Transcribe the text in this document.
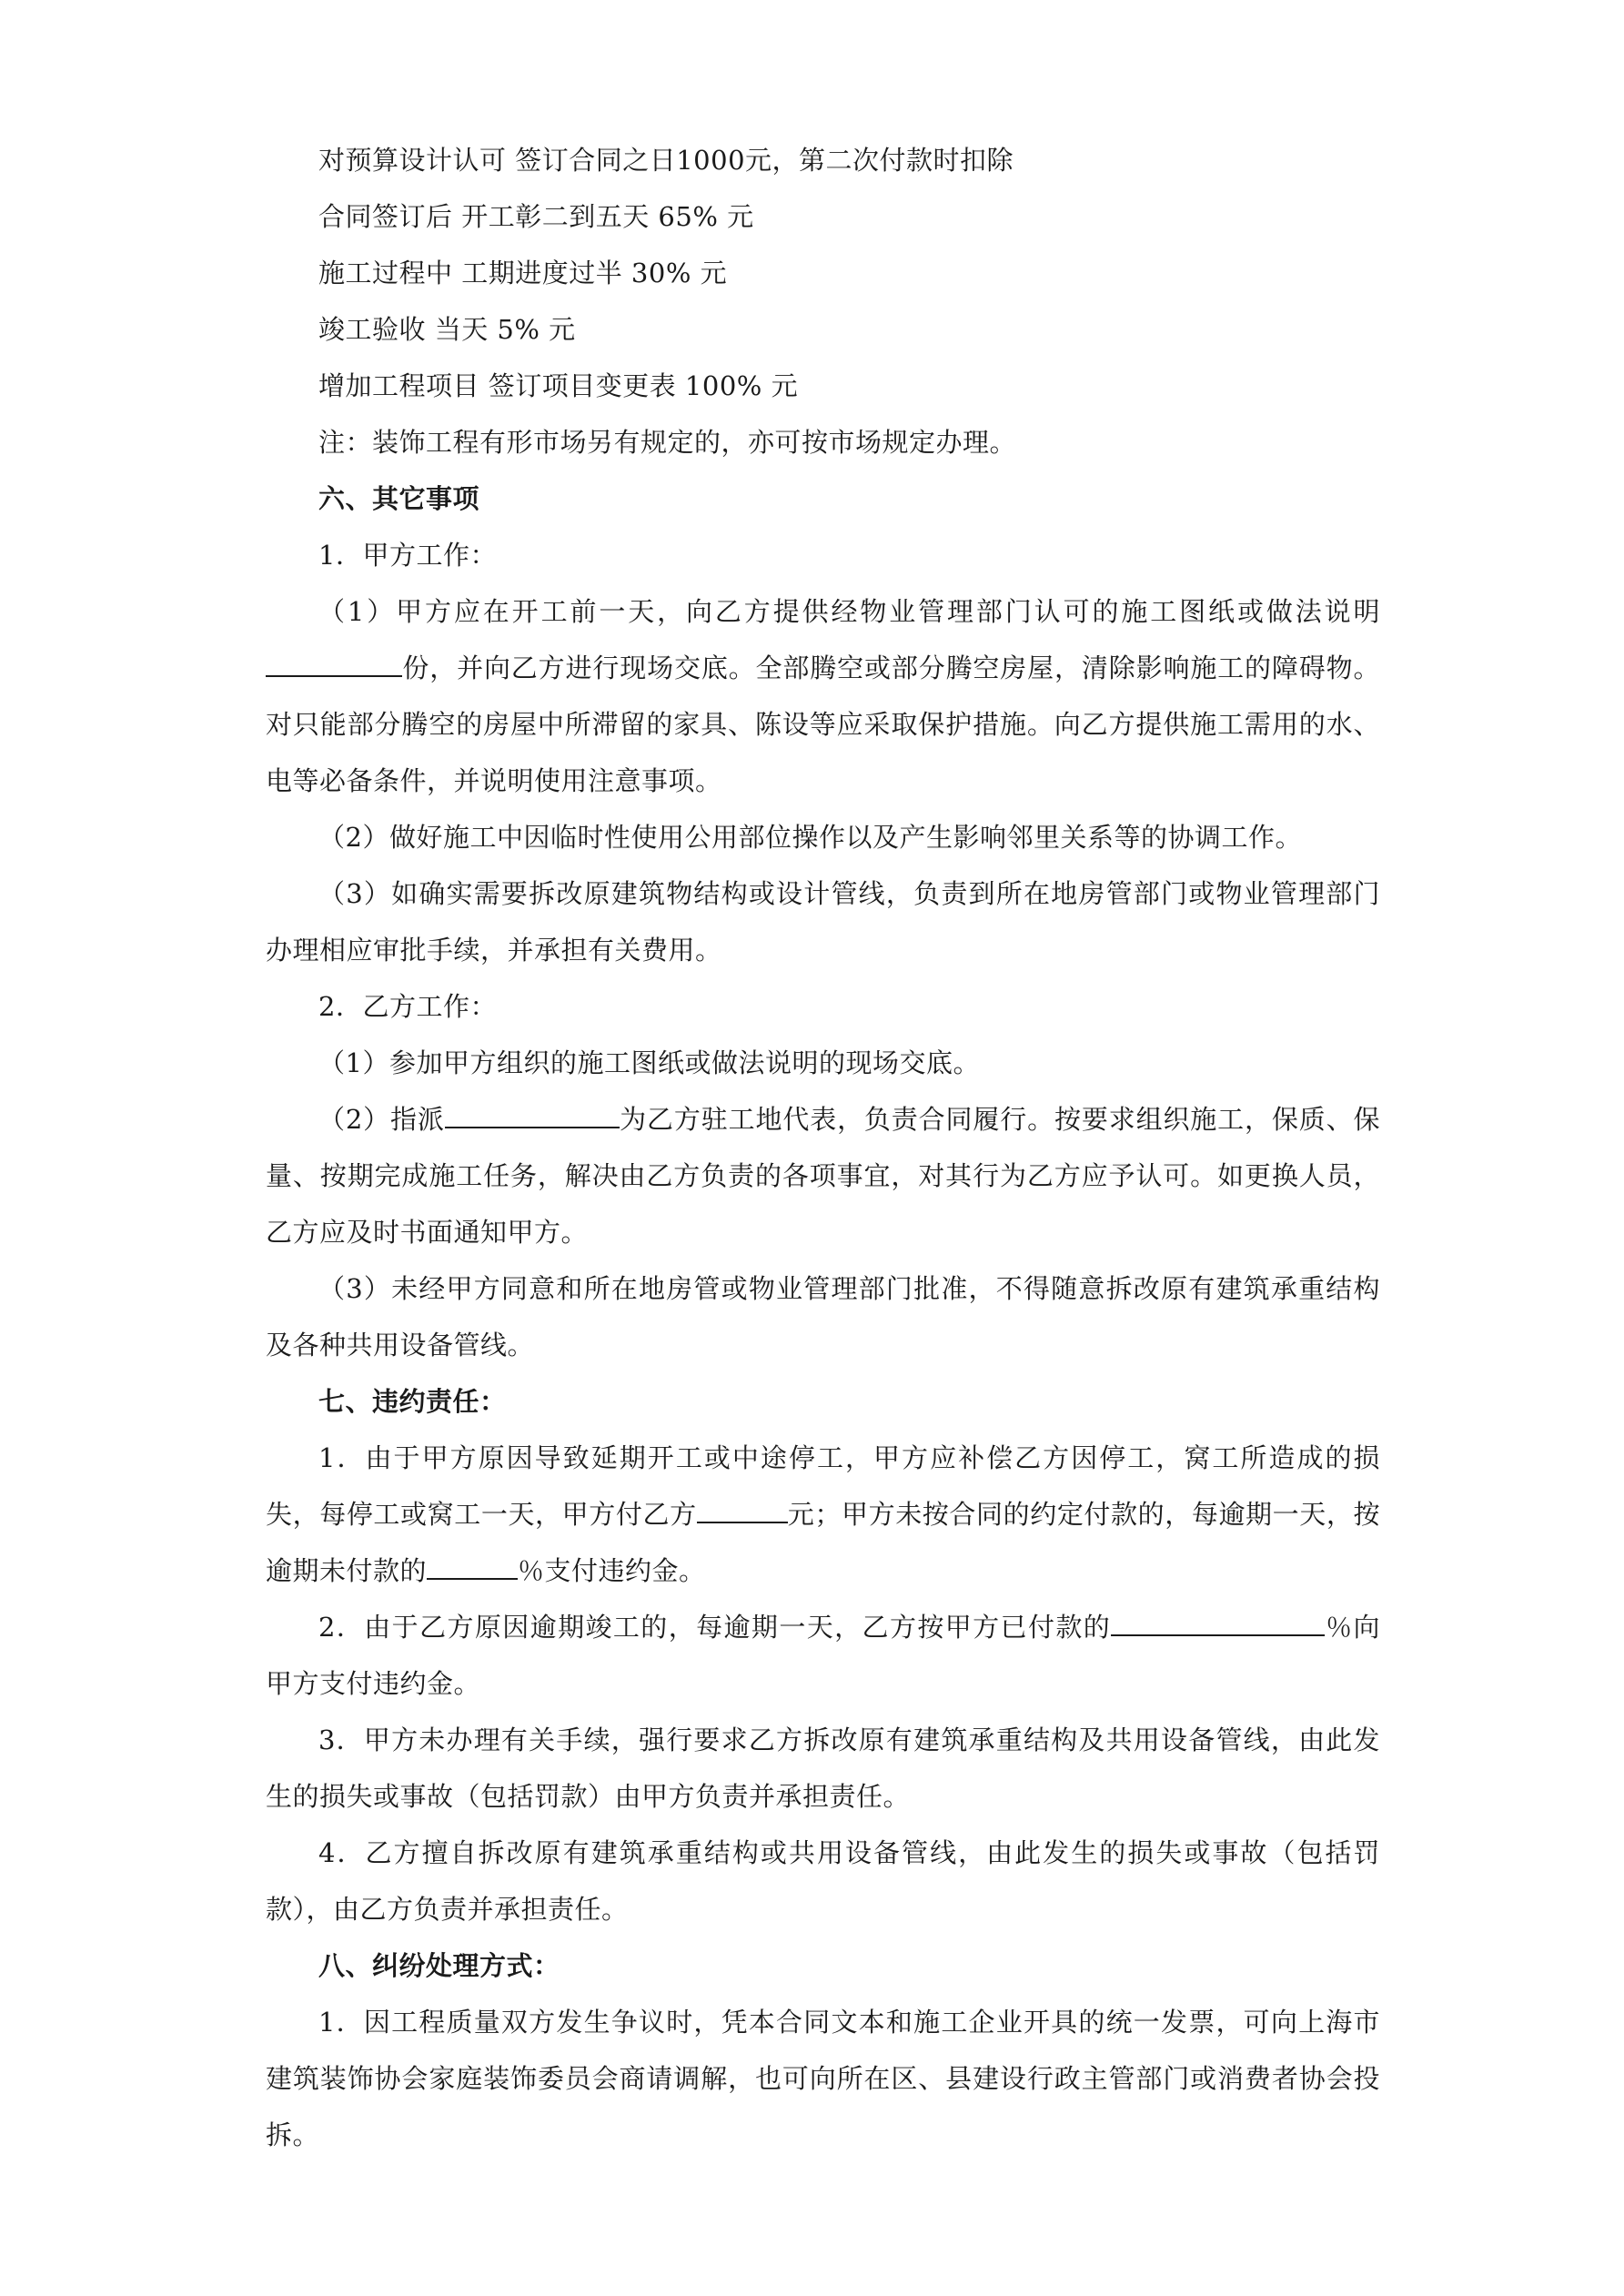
对预算设计认可 签订合同之日1000元，第二次付款时扣除

合同签订后 开工彰二到五天 65% 元

施工过程中 工期进度过半 30% 元

竣工验收 当天 5% 元

增加工程项目 签订项目变更表 100% 元

注：装饰工程有形市场另有规定的，亦可按市场规定办理。

六、其它事项

1．甲方工作：

（1）甲方应在开工前一天，向乙方提供经物业管理部门认可的施工图纸或做法说明份，并向乙方进行现场交底。全部腾空或部分腾空房屋，清除影响施工的障碍物。对只能部分腾空的房屋中所滞留的家具、陈设等应采取保护措施。向乙方提供施工需用的水、电等必备条件，并说明使用注意事项。

（2）做好施工中因临时性使用公用部位操作以及产生影响邻里关系等的协调工作。

（3）如确实需要拆改原建筑物结构或设计管线，负责到所在地房管部门或物业管理部门办理相应审批手续，并承担有关费用。

2．乙方工作：

（1）参加甲方组织的施工图纸或做法说明的现场交底。

（2）指派	为乙方驻工地代表，负责合同履行。按要求组织施工，保质、保量、按期完成施工任务，解决由乙方负责的各项事宜，对其行为乙方应予认可。如更换人员，乙方应及时书面通知甲方。

（3）未经甲方同意和所在地房管或物业管理部门批准，不得随意拆改原有建筑承重结构及各种共用设备管线。

七、违约责任：

1．由于甲方原因导致延期开工或中途停工，甲方应补偿乙方因停工，窝工所造成的损失，每停工或窝工一天，甲方付乙方	元；甲方未按合同的约定付款的，每逾期一天，按逾期未付款的	％支付违约金。

2．由于乙方原因逾期竣工的，每逾期一天，乙方按甲方已付款的	％向甲方支付违约金。

3．甲方未办理有关手续，强行要求乙方拆改原有建筑承重结构及共用设备管线，由此发生的损失或事故（包括罚款）由甲方负责并承担责任。

4．乙方擅自拆改原有建筑承重结构或共用设备管线，由此发生的损失或事故（包括罚款），由乙方负责并承担责任。

八、纠纷处理方式：

1．因工程质量双方发生争议时，凭本合同文本和施工企业开具的统一发票，可向上海市建筑装饰协会家庭装饰委员会商请调解，也可向所在区、县建设行政主管部门或消费者协会投拆。
